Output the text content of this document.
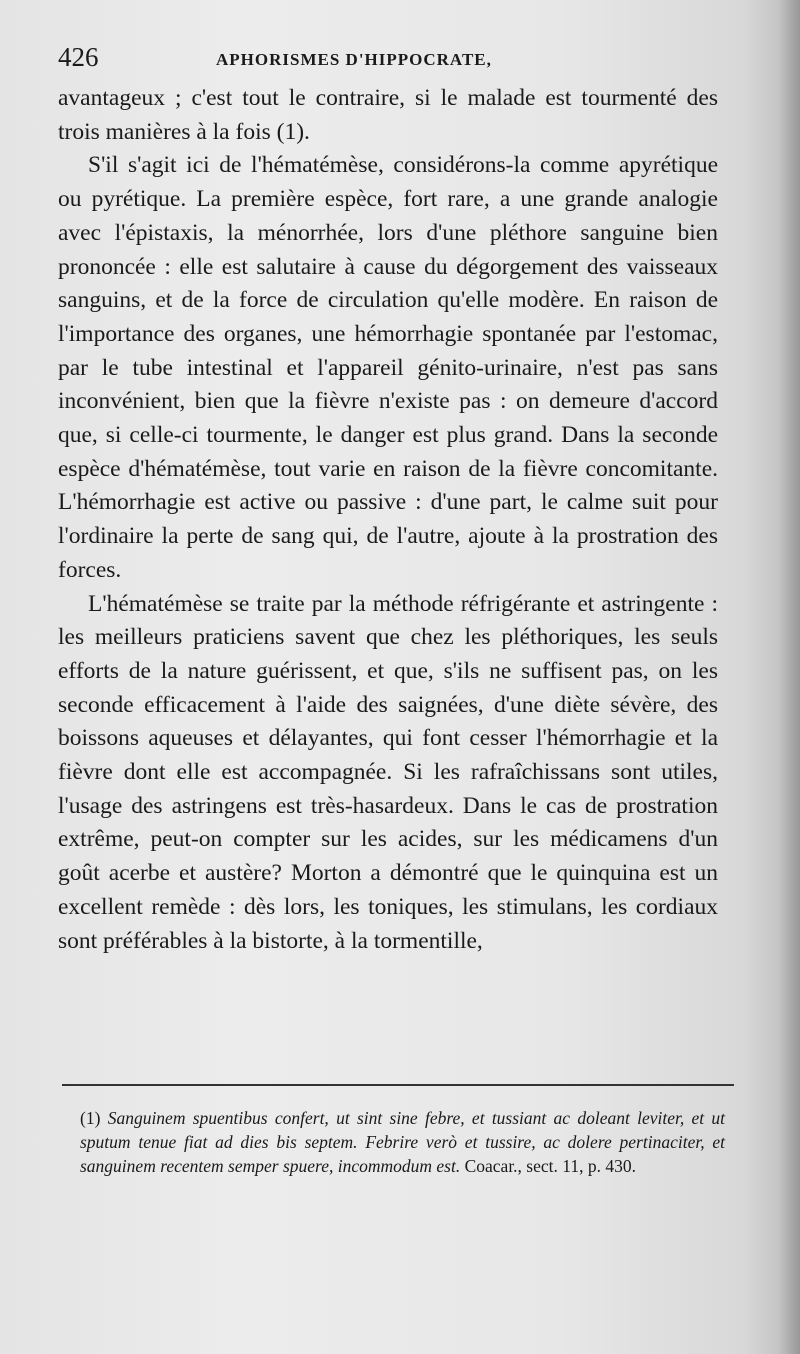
426	APHORISMES D'HIPPOCRATE,

avantageux ; c'est tout le contraire, si le malade est tourmenté des trois manières à la fois (1).

S'il s'agit ici de l'hématémèse, considérons-la comme apyrétique ou pyrétique. La première espèce, fort rare, a une grande analogie avec l'épistaxis, la ménorrhée, lors d'une pléthore sanguine bien prononcée : elle est salutaire à cause du dégorgement des vaisseaux sanguins, et de la force de circulation qu'elle modère. En raison de l'importance des organes, une hémorrhagie spontanée par l'estomac, par le tube intestinal et l'appareil génito-urinaire, n'est pas sans inconvénient, bien que la fièvre n'existe pas : on demeure d'accord que, si celle-ci tourmente, le danger est plus grand. Dans la seconde espèce d'hématémèse, tout varie en raison de la fièvre concomitante. L'hémorrhagie est active ou passive : d'une part, le calme suit pour l'ordinaire la perte de sang qui, de l'autre, ajoute à la prostration des forces.

L'hématémèse se traite par la méthode réfrigérante et astringente : les meilleurs praticiens savent que chez les pléthoriques, les seuls efforts de la nature guérissent, et que, s'ils ne suffisent pas, on les seconde efficacement à l'aide des saignées, d'une diète sévère, des boissons aqueuses et délayantes, qui font cesser l'hémorrhagie et la fièvre dont elle est accompagnée. Si les rafraîchissans sont utiles, l'usage des astringens est très-hasardeux. Dans le cas de prostration extrême, peut-on compter sur les acides, sur les médicamens d'un goût acerbe et austère? Morton a démontré que le quinquina est un excellent remède : dès lors, les toniques, les stimulans, les cordiaux sont préférables à la bistorte, à la tormentille,

(1) Sanguinem spuentibus confert, ut sint sine febre, et tussiant ac doleant leviter, et ut sputum tenue fiat ad dies bis septem. Febrire verò et tussire, ac dolere pertinaciter, et sanguinem recentem semper spuere, incommodum est. Coacar., sect. 11, p. 430.
